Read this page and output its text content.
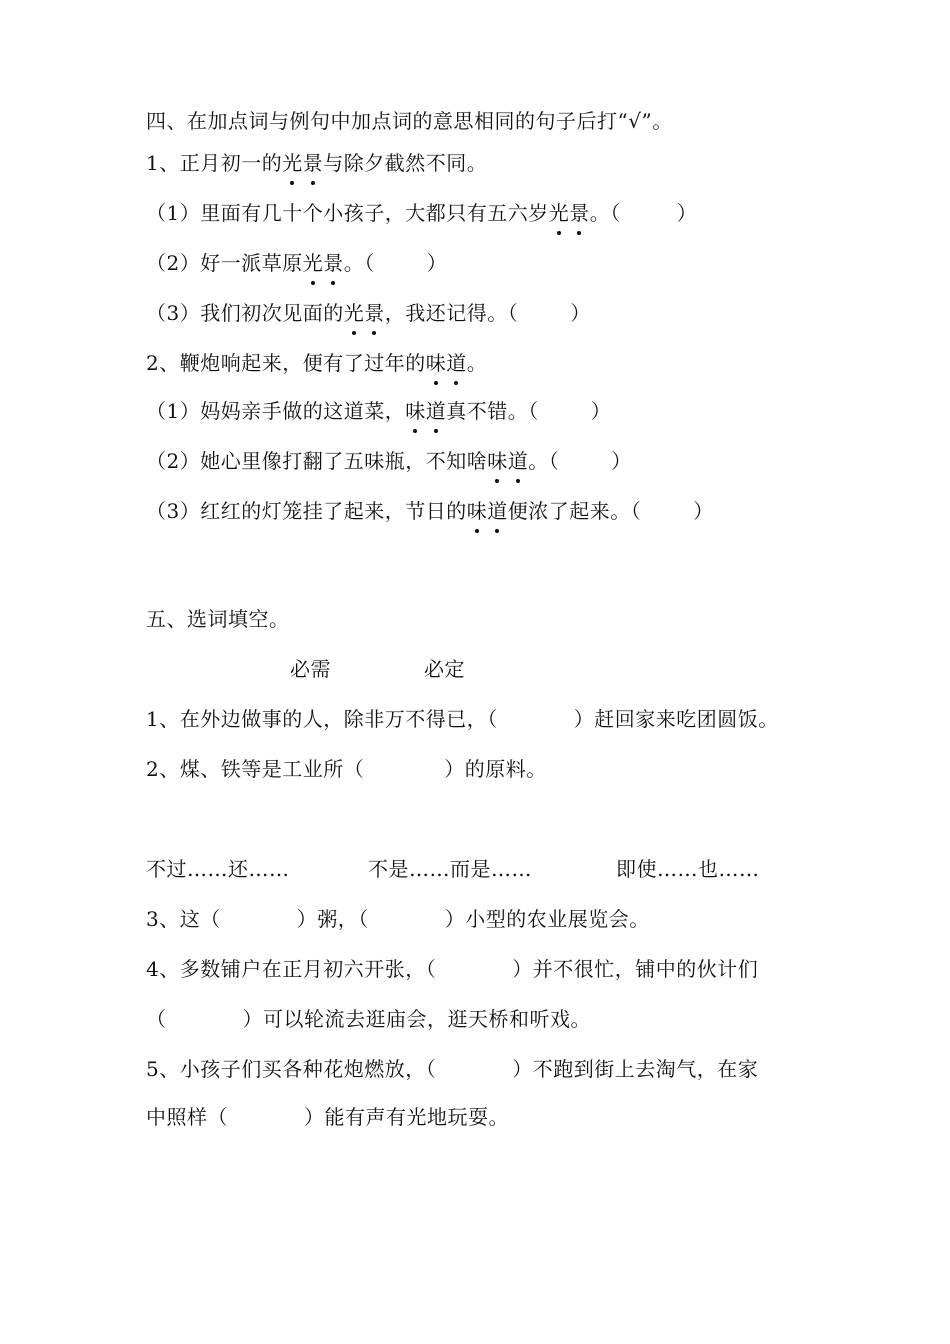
四、在加点词与例句中加点词的意思相同的句子后打“√”。
1、正月初一的光景与除夕截然不同。
（1）里面有几十个小孩子，大都只有五六岁光景。（	）
（2）好一派草原光景。（	）
（3）我们初次见面的光景，我还记得。（	）
2、鞭炮响起来，便有了过年的味道。
（1）妈妈亲手做的这道菜，味道真不错。（	）
（2）她心里像打翻了五味瓶，不知啥味道。（	）
（3）红红的灯笼挂了起来，节日的味道便浓了起来。（	）
五、选词填空。
必需	必定
1、在外边做事的人，除非万不得已，（	）赶回家来吃团圆饭。
2、煤、铁等是工业所（	）的原料。
不过……还……	不是……而是……	即使……也……
3、这（	）粥，（	）小型的农业展览会。
4、多数铺户在正月初六开张，（	）并不很忙，铺中的伙计们
（	）可以轮流去逛庙会，逛天桥和听戏。
5、小孩子们买各种花炮燃放，（	）不跑到街上去淘气，在家
中照样（	）能有声有光地玩耍。
